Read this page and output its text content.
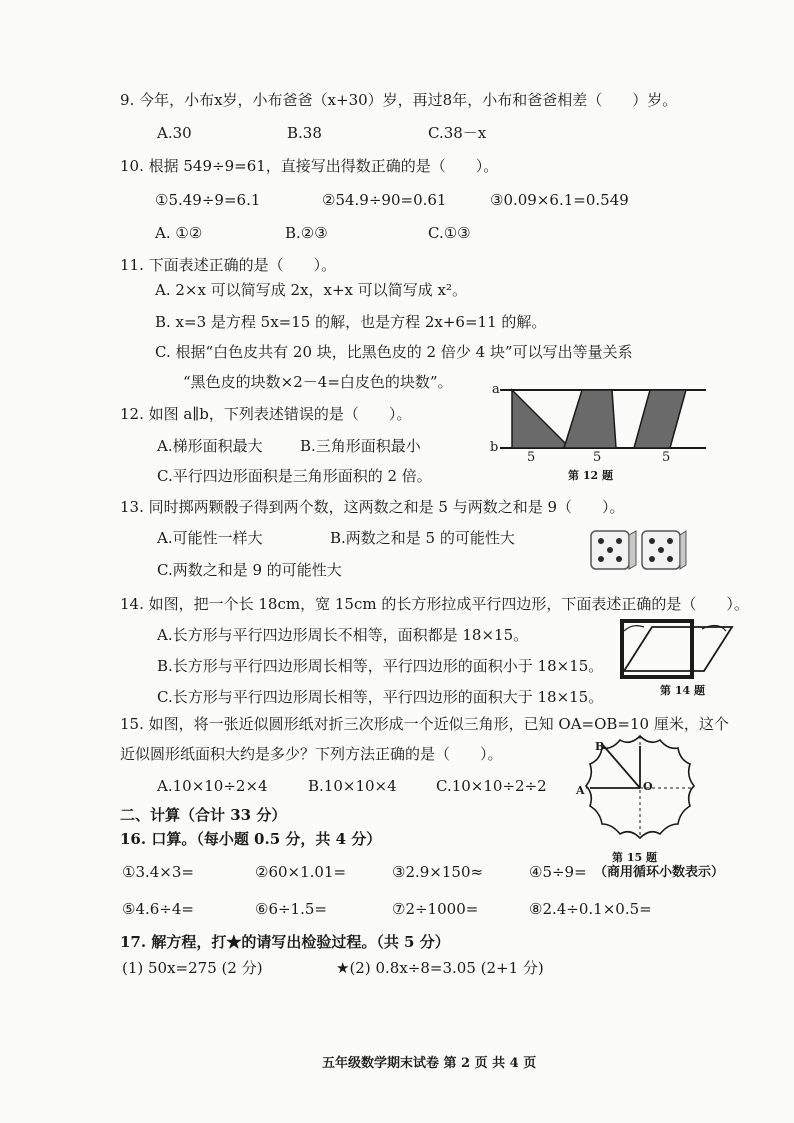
9. 今年，小布x岁，小布爸爸（x+30）岁，再过8年，小布和爸爸相差（　　）岁。
A.30	B.38	C.38－x
10. 根据 549÷9=61，直接写出得数正确的是（　　）。
①5.49÷9=6.1	②54.9÷90=0.61	③0.09×6.1=0.549
A. ①②	B.②③	C.①③
11. 下面表述正确的是（　　）。
A. 2×x 可以简写成 2x，x+x 可以简写成 x²。
B. x=3 是方程 5x=15 的解，也是方程 2x+6=11 的解。
C. 根据“白色皮共有 20 块，比黑色皮的 2 倍少 4 块”可以写出等量关系
“黑色皮的块数×2－4=白皮色的块数”。
12. 如图 a∥b，下列表述错误的是（　　）。
A.梯形面积最大 B.三角形面积最小
C.平行四边形面积是三角形面积的 2 倍。
a
b
5	5	5
第 12 题
13. 同时掷两颗骰子得到两个数，这两数之和是 5 与两数之和是 9（　　）。
A.可能性一样大	B.两数之和是 5 的可能性大
C.两数之和是 9 的可能性大
14. 如图，把一个长 18cm，宽 15cm 的长方形拉成平行四边形，下面表述正确的是（　　）。
A.长方形与平行四边形周长不相等，面积都是 18×15。
B.长方形与平行四边形周长相等，平行四边形的面积小于 18×15。
C.长方形与平行四边形周长相等，平行四边形的面积大于 18×15。	第 14 题
15. 如图，将一张近似圆形纸对折三次形成一个近似三角形，已知 OA=OB=10 厘米，这个
近似圆形纸面积大约是多少？下列方法正确的是（　　）。
A.10×10÷2×4	B.10×10×4	C.10×10÷2÷2
B
A	O
第 15 题
二、计算（合计 33 分）
16. 口算。（每小题 0.5 分，共 4 分）
①3.4×3=	②60×1.01=	③2.9×150≈	④5÷9= （商用循环小数表示）
⑤4.6÷4=	⑥6÷1.5=	⑦2÷1000=	⑧2.4÷0.1×0.5=
17. 解方程，打★的请写出检验过程。（共 5 分）
(1) 50x=275 (2 分)	★(2) 0.8x÷8=3.05 (2+1 分)
五年级数学期末试卷 第 2 页 共 4 页
